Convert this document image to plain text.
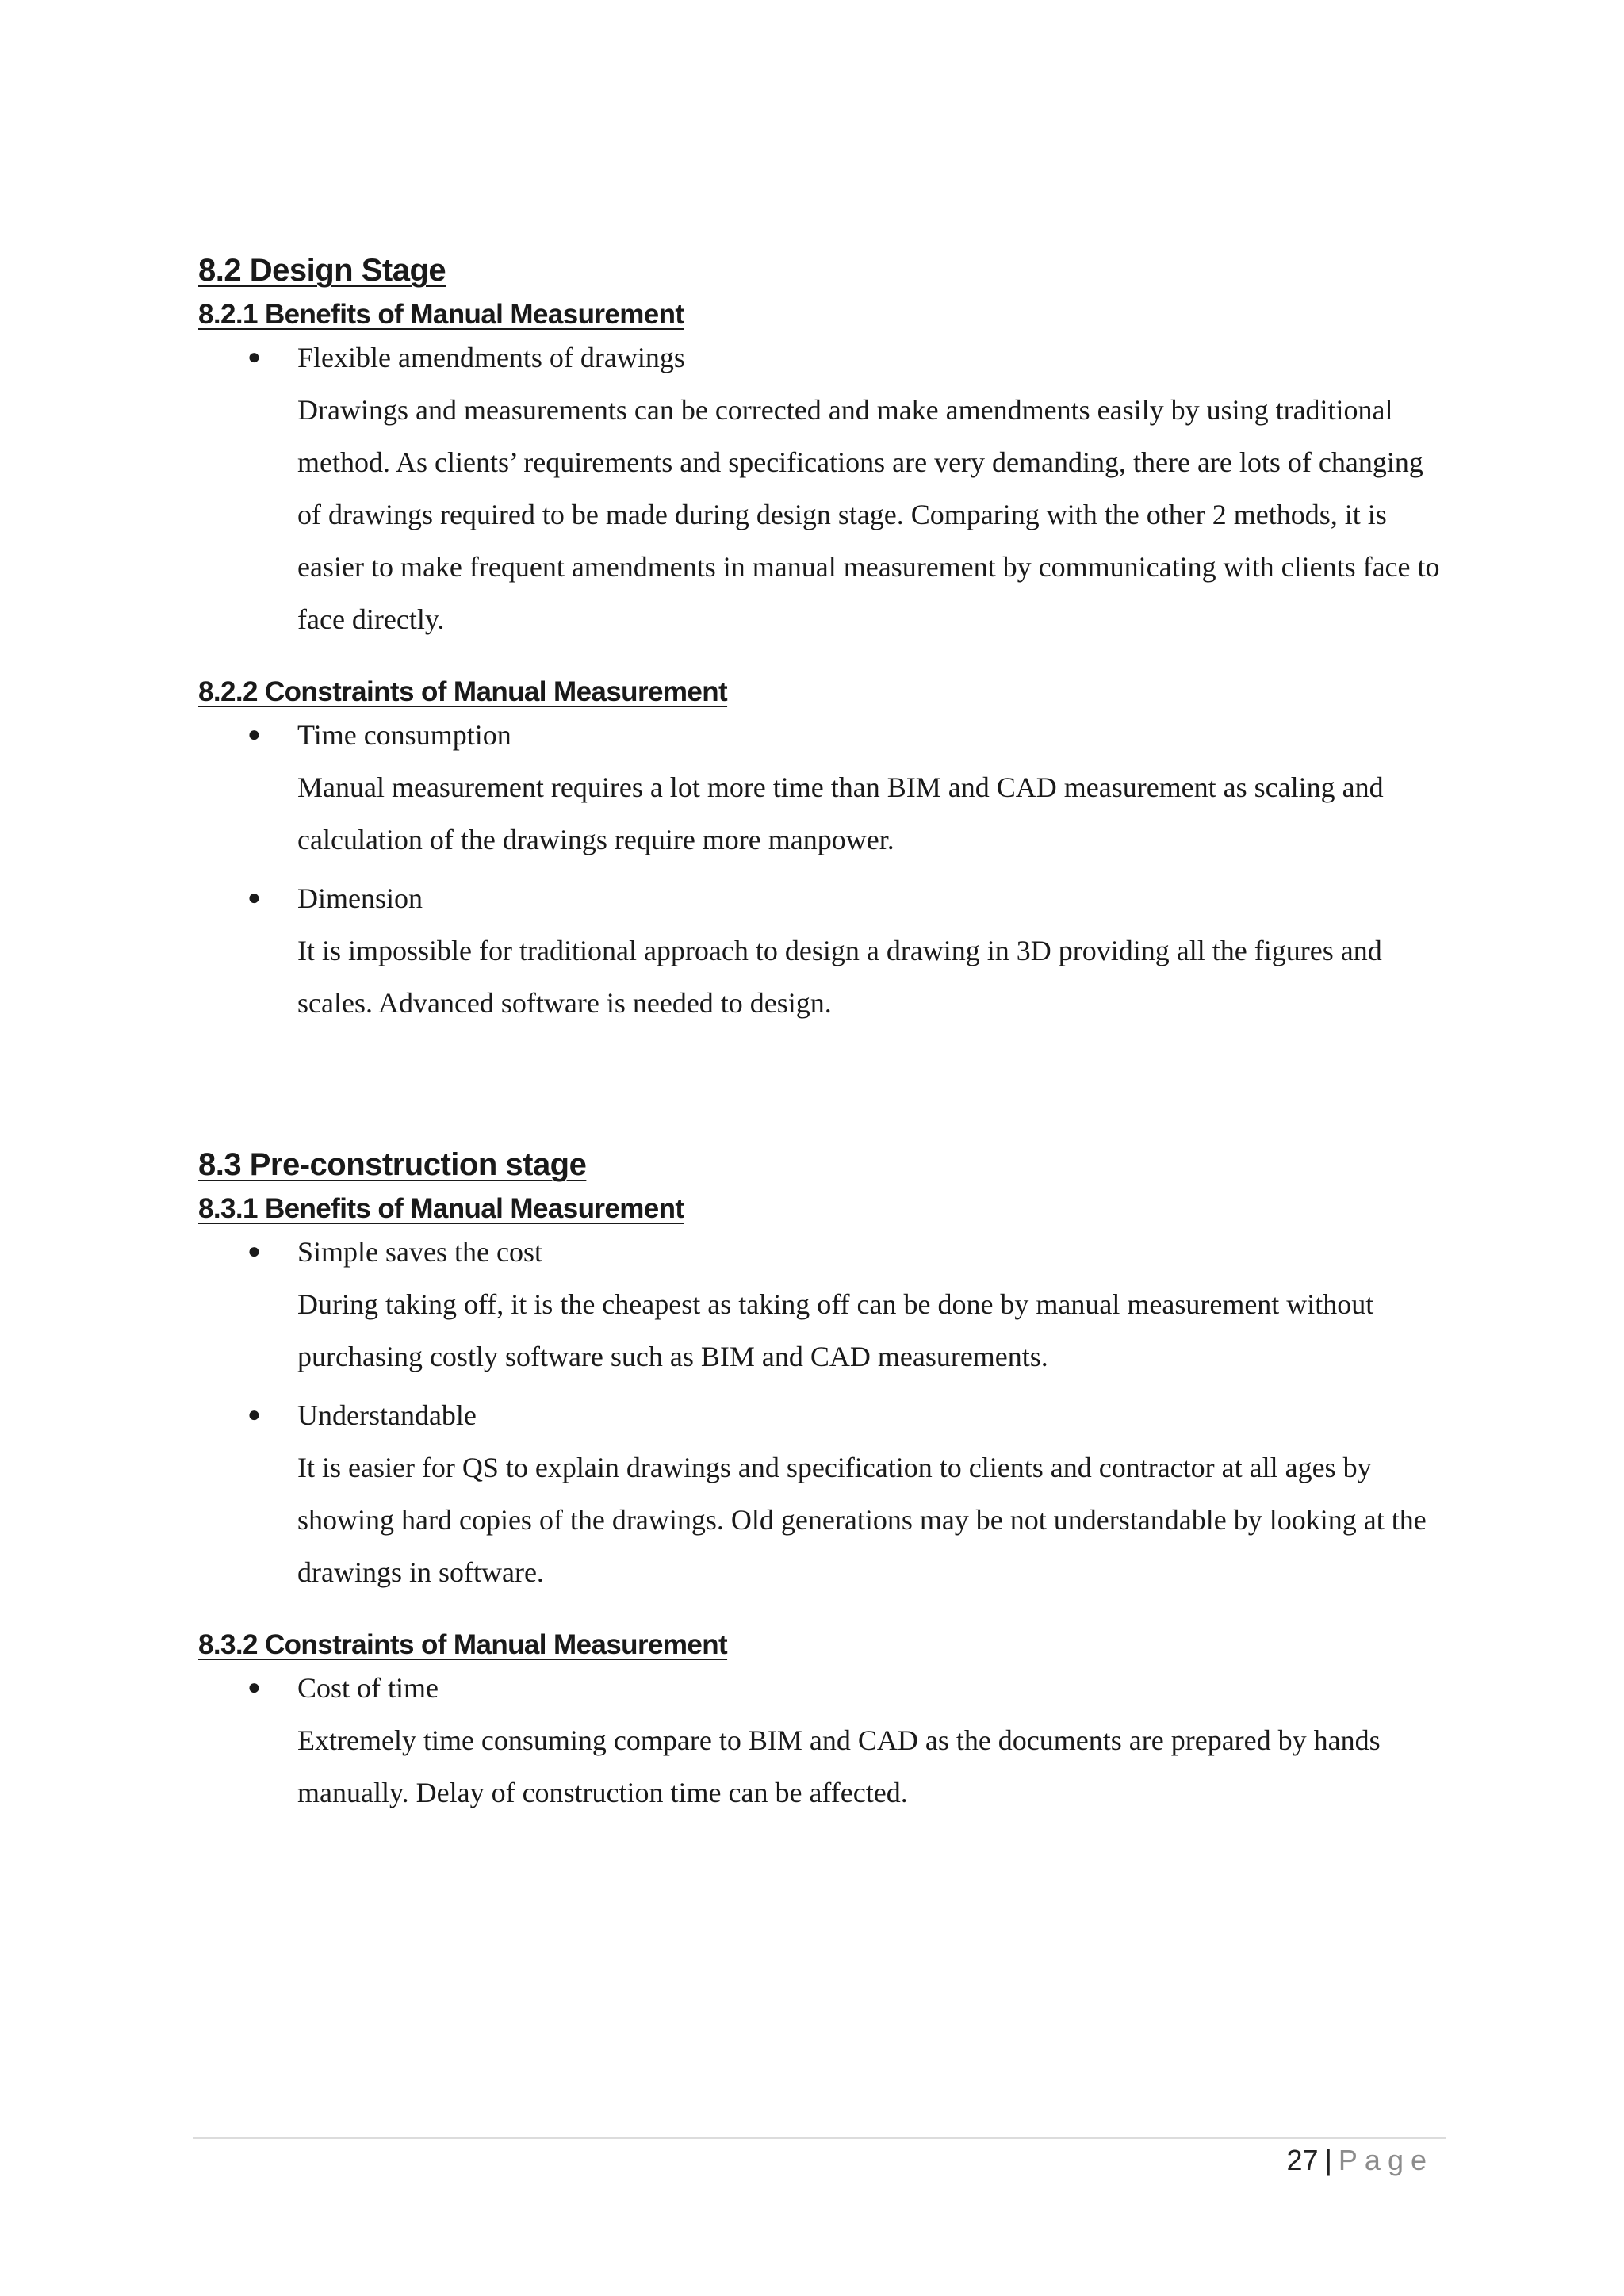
8.2 Design Stage
8.2.1 Benefits of Manual Measurement
● Flexible amendments of drawings

Drawings and measurements can be corrected and make amendments easily by using traditional method. As clients’ requirements and specifications are very demanding, there are lots of changing of drawings required to be made during design stage. Comparing with the other 2 methods, it is easier to make frequent amendments in manual measurement by communicating with clients face to face directly.

8.2.2 Constraints of Manual Measurement
● Time consumption

Manual measurement requires a lot more time than BIM and CAD measurement as scaling and calculation of the drawings require more manpower.

● Dimension

It is impossible for traditional approach to design a drawing in 3D providing all the figures and scales. Advanced software is needed to design.

8.3 Pre-construction stage
8.3.1 Benefits of Manual Measurement
● Simple saves the cost

During taking off, it is the cheapest as taking off can be done by manual measurement without purchasing costly software such as BIM and CAD measurements.

● Understandable

It is easier for QS to explain drawings and specification to clients and contractor at all ages by showing hard copies of the drawings. Old generations may be not understandable by looking at the drawings in software.

8.3.2 Constraints of Manual Measurement
● Cost of time

Extremely time consuming compare to BIM and CAD as the documents are prepared by hands manually. Delay of construction time can be affected.

27 | Page
